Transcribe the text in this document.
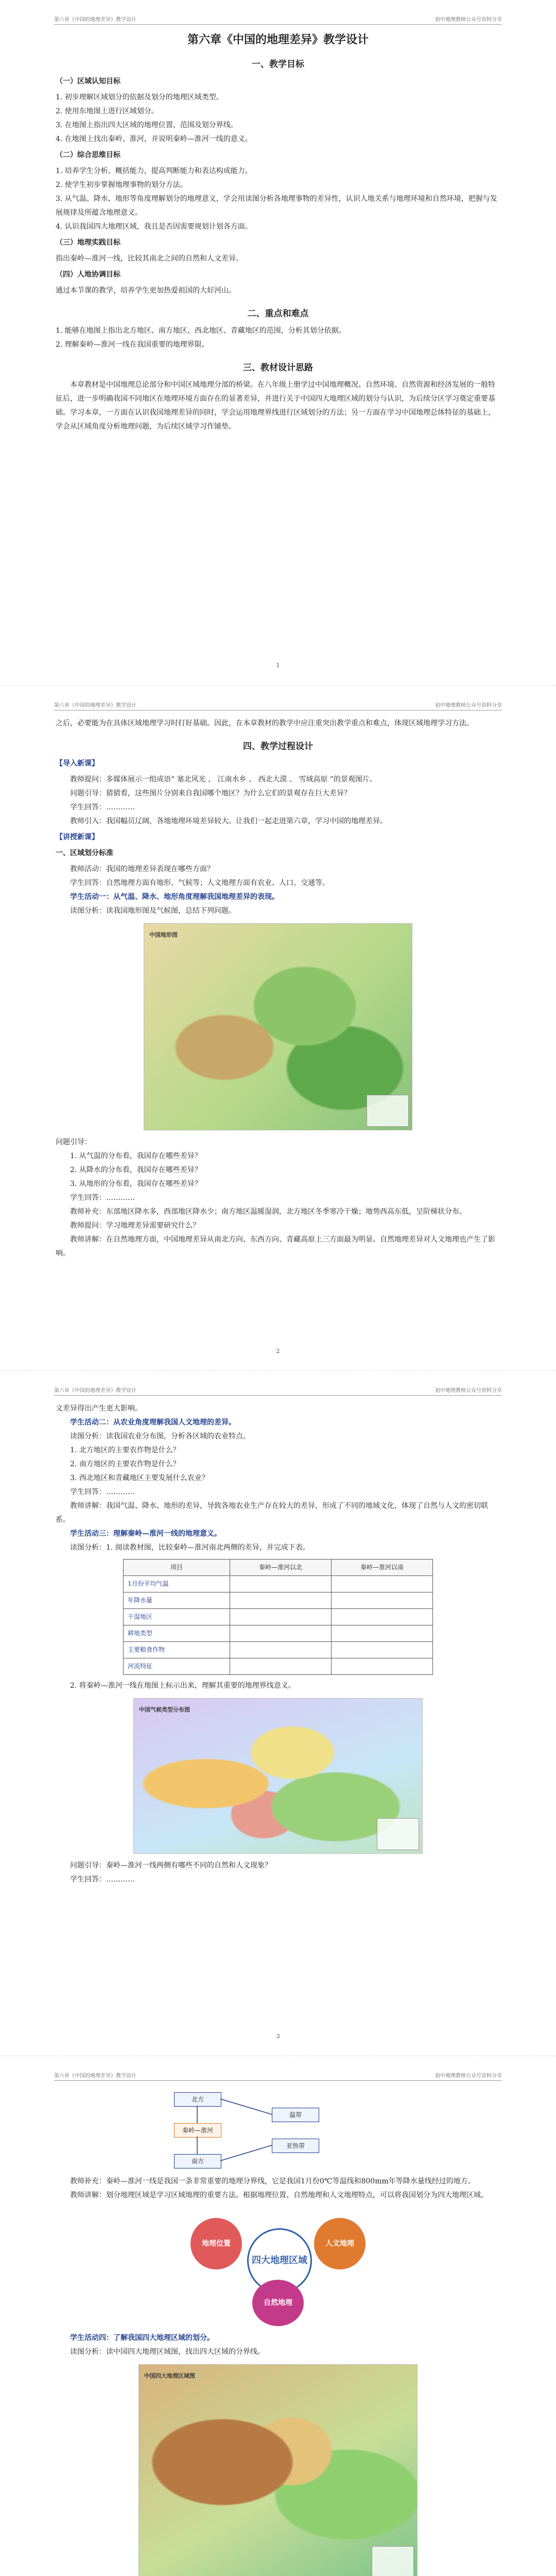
第六章《中国的地理差异》教学设计	初中地理教师公众号资料分享
第六章《中国的地理差异》教学设计
一、教学目标
（一）区域认知目标

1. 初步理解区域划分的依据及划分的地理区域类型。

2. 使用东地图上进行区域划分。

3. 在地图上指出四大区域的地理位置、范围及划分界线。

4. 在地图上找出秦岭、淮河，并说明秦岭—淮河一线的意义。

（二）综合思维目标

1. 培养学生分析、概括能力，提高判断能力和表达构成能力。

2. 使学生初步掌握地理事物的划分方法。

3. 从气温、降水、地形等角度理解划分的地理意义，学会用读图分析各地理事物的差异性，认识人地关系与地理环境和自然环境，把握与发展规律及所蕴含地理意义。

4. 认识我国四大地理区域，我且是否因需要规划计划各方面。

（三）地理实践目标

指出秦岭—淮河一线，比较其南北之间的自然和人文差异。

（四）人地协调目标

通过本节课的教学，培养学生更加热爱祖国的大好河山。

二、重点和难点

1. 能够在地图上指出北方地区、南方地区、西北地区、青藏地区的范围，分析其划分依据。

2. 理解秦岭—淮河一线在我国重要的地理界限。

三、教材设计思路

本章教材是中国地理总论部分和中国区域地理分部的桥梁。在八年级上册学过中国地理概况、自然环境、自然资源和经济发展的一般特征后，进一步明确我国不同地区在地理环境方面存在的显著差异，并进行关于中国四大地理区域的划分与认识，为后续分区学习奠定重要基础。学习本章，一方面在认识我国地理差异的同时，学会运用地理界线进行区域划分的方法；另一方面在学习中国地理总体特征的基础上，学会从区域角度分析地理问题，为后续区域学习作铺垫。

1
第六章《中国的地理差异》教学设计	初中地理教师公众号资料分享

之后，必要能为在具体区域地理学习时打好基础。因此，在本章教材的教学中应注重突出教学重点和难点，体现区域地理学习方法。

四、教学过程设计
【导入新课】

教师提问：多媒体展示一组成语“ 塞北风光 、 江南水乡 、 西北大漠 、 雪域高原 ”的景观图片。

问题引导：猜猜看，这些图片分别来自我国哪个地区？为什么它们的景观存在巨大差异？

学生回答：…………

教师引入：我国幅员辽阔，各地地理环境差异较大。让我们一起走进第六章，学习中国的地理差异。

【讲授新课】
一、区域划分标准

教师活动：我国的地理差异表现在哪些方面？

学生回答：自然地理方面有地形、气候等；人文地理方面有农业、人口、交通等。

学生活动一：从气温、降水、地形角度理解我国地理差异的表现。

读图分析：读我国地形图及气候图，总结下列问题。

中国地形图

问题引导：

1. 从气温的分布看，我国存在哪些差异？

2. 从降水的分布看，我国存在哪些差异？

3. 从地形的分布看，我国存在哪些差异？

学生回答：…………

教师补充：东部地区降水多，西部地区降水少；南方地区温暖湿润，北方地区冬季寒冷干燥；地势西高东低，呈阶梯状分布。

教师提问：学习地理差异需要研究什么？

教师讲解：在自然地理方面，中国地理差异从南北方向、东西方向、青藏高原上三方面最为明显。自然地理差异对人文地理也产生了影响。

2
第六章《中国的地理差异》教学设计	初中地理教师公众号资料分享

文差异得出产生更大影响。

学生活动二：从农业角度理解我国人文地理的差异。

读图分析：读我国农业分布图，分析各区域的农业特点。

1. 北方地区的主要农作物是什么？

2. 南方地区的主要农作物是什么？

3. 西北地区和青藏地区主要发展什么农业？

学生回答：…………

教师讲解：我国气温、降水、地形的差异，导致各地农业生产存在较大的差异，形成了不同的地域文化，体现了自然与人文的密切联系。

学生活动三：理解秦岭—淮河一线的地理意义。

读图分析：1. 阅读教材图，比较秦岭—淮河南北两侧的差异，并完成下表。

项目	秦岭—淮河以北	秦岭—淮河以南
1月份平均气温		
年降水量		
干湿地区		
耕地类型		
主要粮食作物		
河流特征		

2. 将秦岭—淮河一线在地图上标示出来，理解其重要的地理界线意义。

中国气候类型分布图

问题引导：秦岭—淮河一线两侧有哪些不同的自然和人文现象？

学生回答：…………

3
第六章《中国的地理差异》教学设计	初中地理教师公众号资料分享
北方
秦岭—淮河
南方
温带
亚热带

教师补充：秦岭—淮河一线是我国一条非常重要的地理分界线，它是我国1月份0℃等温线和800mm年等降水量线经过的地方。

教师讲解：划分地理区域是学习区域地理的重要方法。根据地理位置、自然地理和人文地理特点，可以将我国划分为四大地理区域。

地理位置
四大地理区域
人文地理
自然地理

学生活动四：了解我国四大地理区域的划分。

读图分析：读中国四大地理区域图，找出四大区域的分界线。

中国四大地理区域图
